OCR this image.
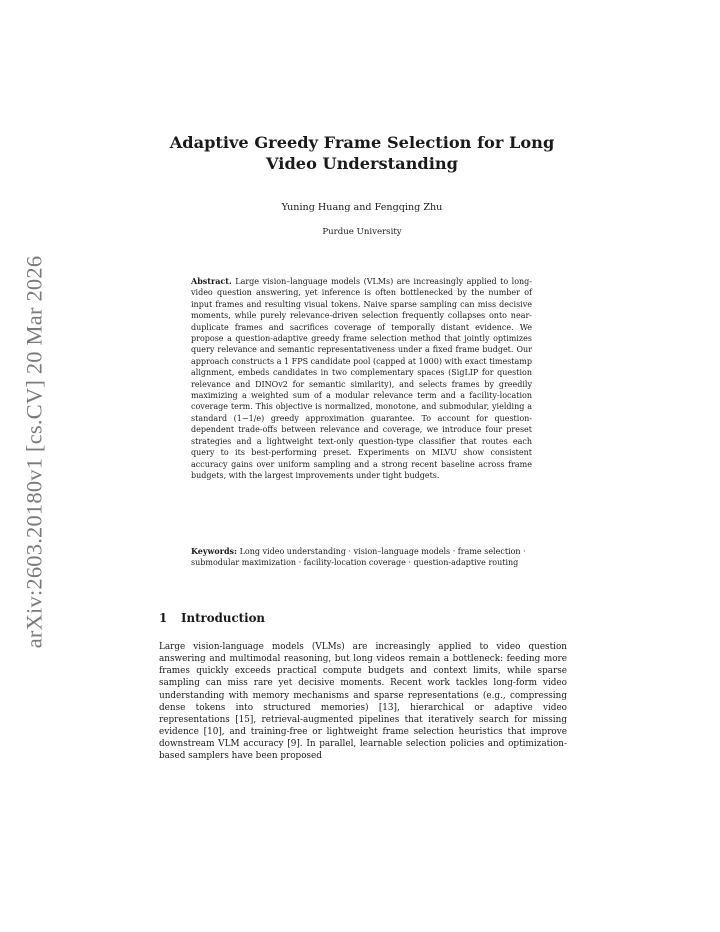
arXiv:2603.20180v1 [cs.CV] 20 Mar 2026
Adaptive Greedy Frame Selection for Long Video Understanding
Yuning Huang and Fengqing Zhu
Purdue University
Abstract. Large vision–language models (VLMs) are increasingly applied to long-video question answering, yet inference is often bottlenecked by the number of input frames and resulting visual tokens. Naive sparse sampling can miss decisive moments, while purely relevance-driven selection frequently collapses onto near-duplicate frames and sacrifices coverage of temporally distant evidence. We propose a question-adaptive greedy frame selection method that jointly optimizes query relevance and semantic representativeness under a fixed frame budget. Our approach constructs a 1 FPS candidate pool (capped at 1000) with exact timestamp alignment, embeds candidates in two complementary spaces (SigLIP for question relevance and DINOv2 for semantic similarity), and selects frames by greedily maximizing a weighted sum of a modular relevance term and a facility-location coverage term. This objective is normalized, monotone, and submodular, yielding a standard (1−1/e) greedy approximation guarantee. To account for question-dependent trade-offs between relevance and coverage, we introduce four preset strategies and a lightweight text-only question-type classifier that routes each query to its best-performing preset. Experiments on MLVU show consistent accuracy gains over uniform sampling and a strong recent baseline across frame budgets, with the largest improvements under tight budgets.
Keywords: Long video understanding · vision–language models · frame selection · submodular maximization · facility-location coverage · question-adaptive routing
1 Introduction
Large vision-language models (VLMs) are increasingly applied to video question answering and multimodal reasoning, but long videos remain a bottleneck: feeding more frames quickly exceeds practical compute budgets and context limits, while sparse sampling can miss rare yet decisive moments. Recent work tackles long-form video understanding with memory mechanisms and sparse representations (e.g., compressing dense tokens into structured memories) [13], hierarchical or adaptive video representations [15], retrieval-augmented pipelines that iteratively search for missing evidence [10], and training-free or lightweight frame selection heuristics that improve downstream VLM accuracy [9]. In parallel, learnable selection policies and optimization-based samplers have been proposed
